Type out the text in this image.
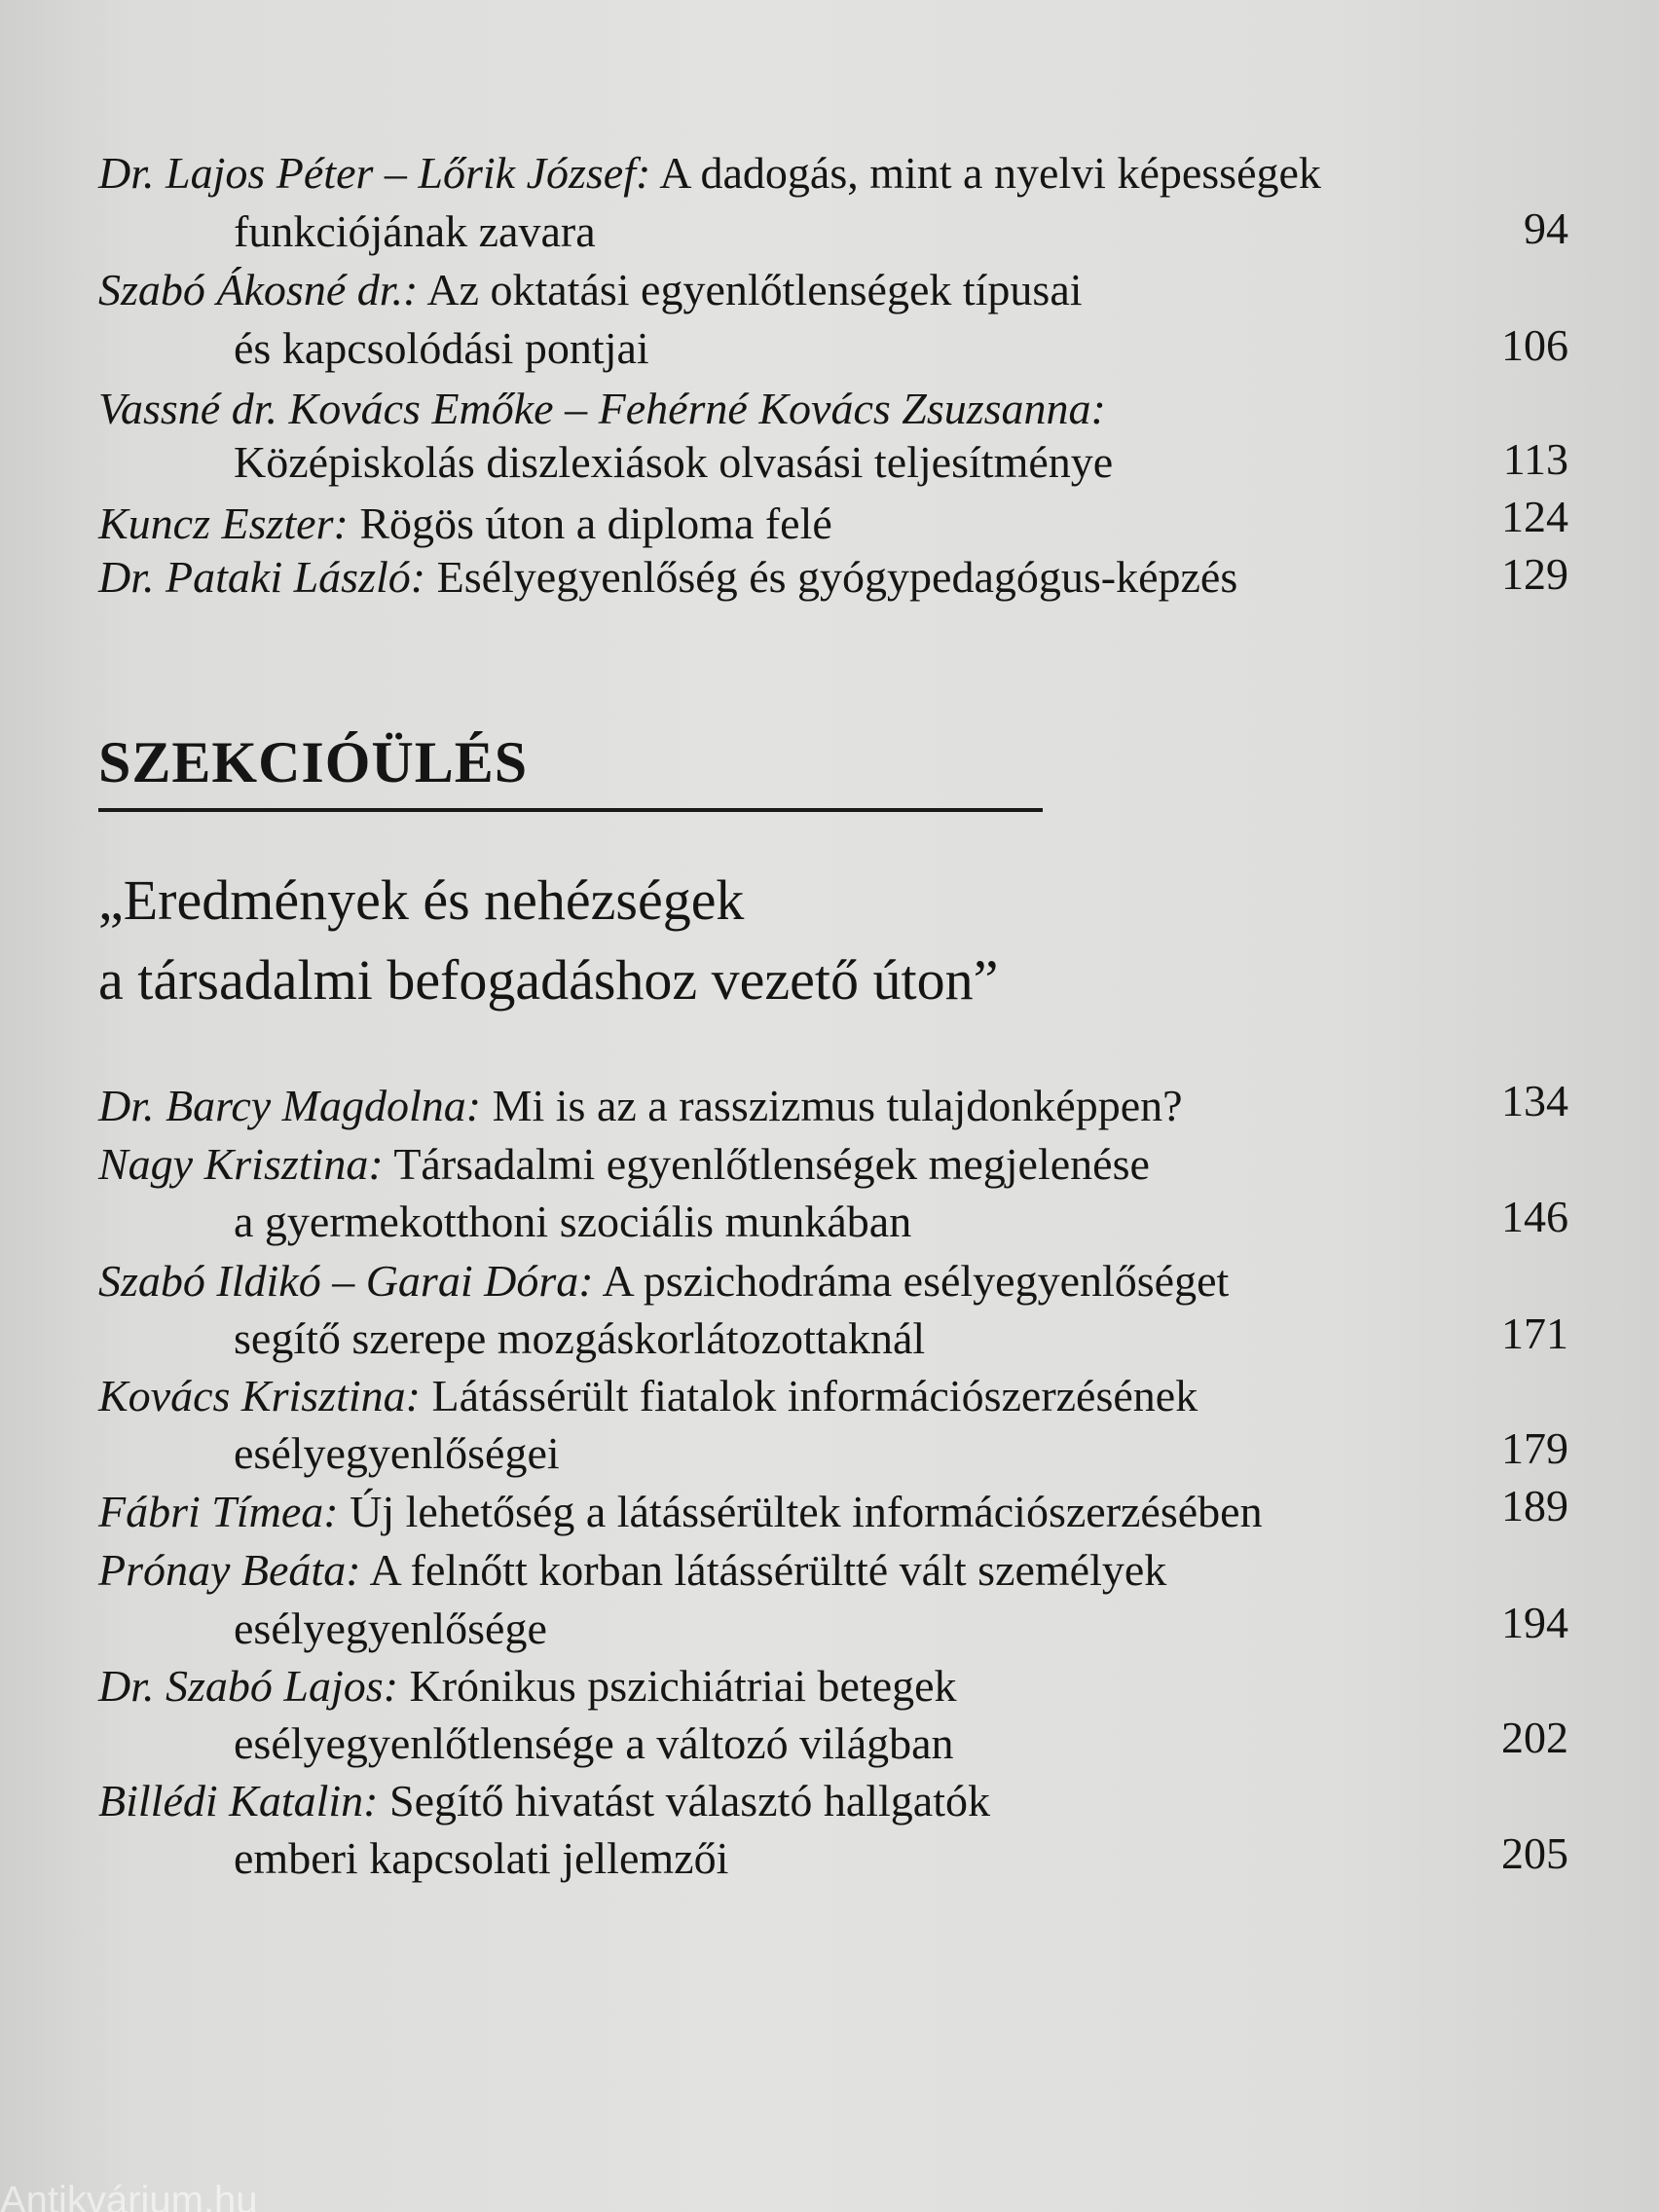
Dr. Lajos Péter – Lőrik József: A dadogás, mint a nyelvi képességek
funkciójának zavara	94
Szabó Ákosné dr.: Az oktatási egyenlőtlenségek típusai
és kapcsolódási pontjai	106
Vassné dr. Kovács Emőke – Fehérné Kovács Zsuzsanna:
Középiskolás diszlexiások olvasási teljesítménye	113
Kuncz Eszter: Rögös úton a diploma felé	124
Dr. Pataki László: Esélyegyenlőség és gyógypedagógus-képzés	129
SZEKCIÓÜLÉS
„Eredmények és nehézségek
a társadalmi befogadáshoz vezető úton”
Dr. Barcy Magdolna: Mi is az a rasszizmus tulajdonképpen?	134
Nagy Krisztina: Társadalmi egyenlőtlenségek megjelenése
a gyermekotthoni szociális munkában	146
Szabó Ildikó – Garai Dóra: A pszichodráma esélyegyenlőséget
segítő szerepe mozgáskorlátozottaknál	171
Kovács Krisztina: Látássérült fiatalok információszerzésének
esélyegyenlőségei	179
Fábri Tímea: Új lehetőség a látássérültek információszerzésében	189
Prónay Beáta: A felnőtt korban látássérültté vált személyek
esélyegyenlősége	194
Dr. Szabó Lajos: Krónikus pszichiátriai betegek
esélyegyenlőtlensége a változó világban	202
Billédi Katalin: Segítő hivatást választó hallgatók
emberi kapcsolati jellemzői	205
Antikvárium.hu
